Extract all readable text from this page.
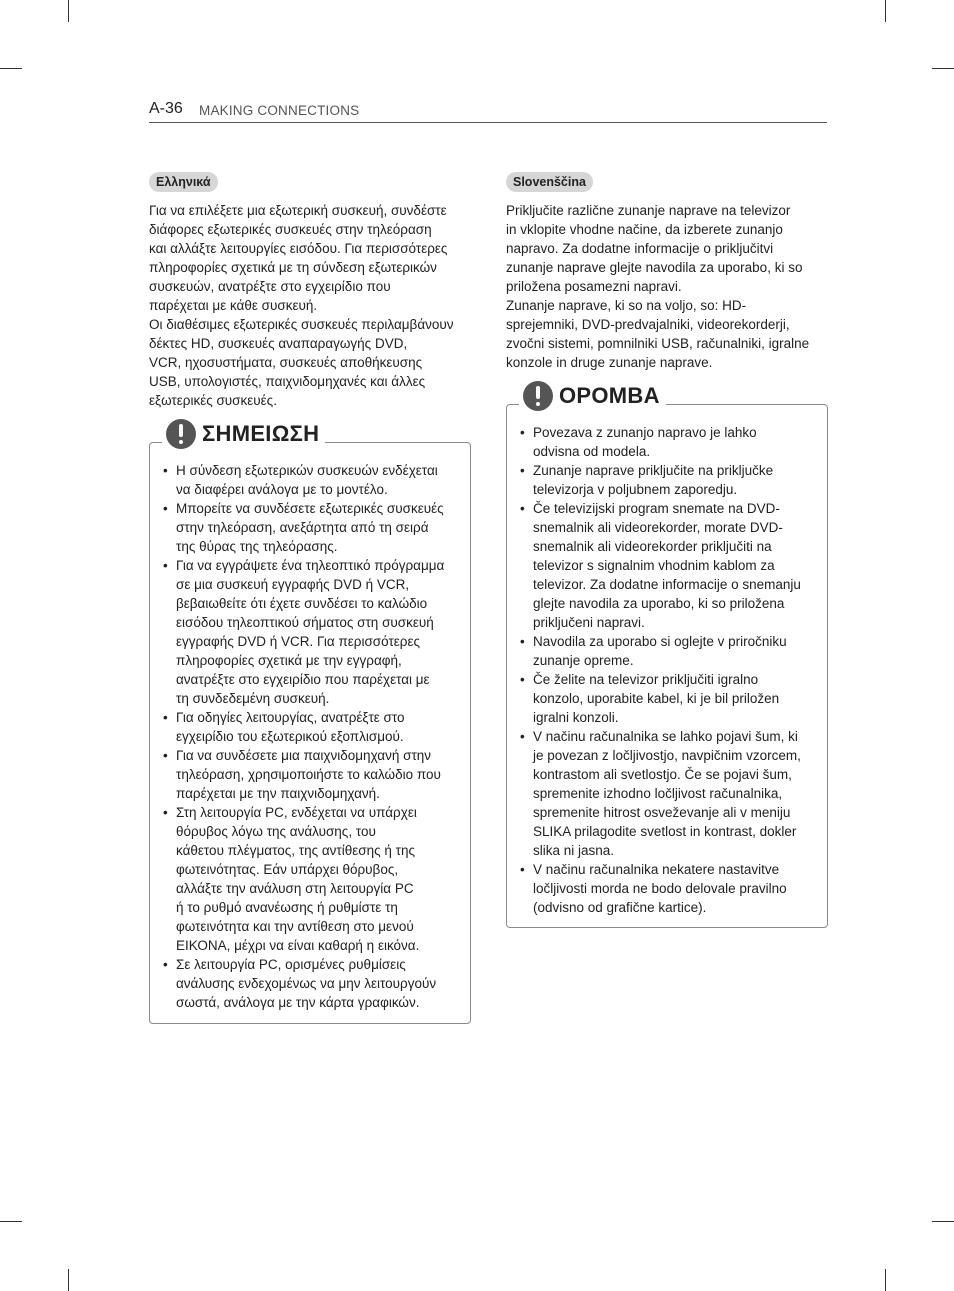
A-36 MAKING CONNECTIONS
Ελληνικά

Για να επιλέξετε μια εξωτερική συσκευή, συνδέστε

διάφορες εξωτερικές συσκευές στην τηλεόραση

και αλλάξτε λειτουργίες εισόδου. Για περισσότερες

πληροφορίες σχετικά με τη σύνδεση εξωτερικών

συσκευών, ανατρέξτε στο εγχειρίδιο που

παρέχεται με κάθε συσκευή.

Οι διαθέσιμες εξωτερικές συσκευές περιλαμβάνουν

δέκτες HD, συσκευές αναπαραγωγής DVD,

VCR, ηχοσυστήματα, συσκευές αποθήκευσης

USB, υπολογιστές, παιχνιδομηχανές και άλλες

εξωτερικές συσκευές.

ΣΗΜΕΙΩΣΗ
• Η σύνδεση εξωτερικών συσκευών ενδέχεται
να διαφέρει ανάλογα με το μοντέλο.
• Μπορείτε να συνδέσετε εξωτερικές συσκευές
στην τηλεόραση, ανεξάρτητα από τη σειρά
της θύρας της τηλεόρασης.
• Για να εγγράψετε ένα τηλεοπτικό πρόγραμμα
σε μια συσκευή εγγραφής DVD ή VCR,
βεβαιωθείτε ότι έχετε συνδέσει το καλώδιο
εισόδου τηλεοπτικού σήματος στη συσκευή
εγγραφής DVD ή VCR. Για περισσότερες
πληροφορίες σχετικά με την εγγραφή,
ανατρέξτε στο εγχειρίδιο που παρέχεται με
τη συνδεδεμένη συσκευή.
• Για οδηγίες λειτουργίας, ανατρέξτε στο
εγχειρίδιο του εξωτερικού εξοπλισμού.
• Για να συνδέσετε μια παιχνιδομηχανή στην
τηλεόραση, χρησιμοποιήστε το καλώδιο που
παρέχεται με την παιχνιδομηχανή.
• Στη λειτουργία PC, ενδέχεται να υπάρχει
θόρυβος λόγω της ανάλυσης, του
κάθετου πλέγματος, της αντίθεσης ή της
φωτεινότητας. Εάν υπάρχει θόρυβος,
αλλάξτε την ανάλυση στη λειτουργία PC
ή το ρυθμό ανανέωσης ή ρυθμίστε τη
φωτεινότητα και την αντίθεση στο μενού
ΕΙΚΟΝΑ, μέχρι να είναι καθαρή η εικόνα.
• Σε λειτουργία PC, ορισμένες ρυθμίσεις
ανάλυσης ενδεχομένως να μην λειτουργούν
σωστά, ανάλογα με την κάρτα γραφικών.
Slovenščina

Priključite različne zunanje naprave na televizor

in vklopite vhodne načine, da izberete zunanjo

napravo. Za dodatne informacije o priključitvi

zunanje naprave glejte navodila za uporabo, ki so

priložena posamezni napravi.

Zunanje naprave, ki so na voljo, so: HD-

sprejemniki, DVD-predvajalniki, videorekorderji,

zvočni sistemi, pomnilniki USB, računalniki, igralne

konzole in druge zunanje naprave.

OPOMBA
• Povezava z zunanjo napravo je lahko
odvisna od modela.
• Zunanje naprave priključite na priključke
televizorja v poljubnem zaporedju.
• Če televizijski program snemate na DVD-
snemalnik ali videorekorder, morate DVD-
snemalnik ali videorekorder priključiti na
televizor s signalnim vhodnim kablom za
televizor. Za dodatne informacije o snemanju
glejte navodila za uporabo, ki so priložena
priključeni napravi.
• Navodila za uporabo si oglejte v priročniku
zunanje opreme.
• Če želite na televizor priključiti igralno
konzolo, uporabite kabel, ki je bil priložen
igralni konzoli.
• V načinu računalnika se lahko pojavi šum, ki
je povezan z ločljivostjo, navpičnim vzorcem,
kontrastom ali svetlostjo. Če se pojavi šum,
spremenite izhodno ločljivost računalnika,
spremenite hitrost osveževanje ali v meniju
SLIKA prilagodite svetlost in kontrast, dokler
slika ni jasna.
• V načinu računalnika nekatere nastavitve
ločljivosti morda ne bodo delovale pravilno
(odvisno od grafične kartice).
